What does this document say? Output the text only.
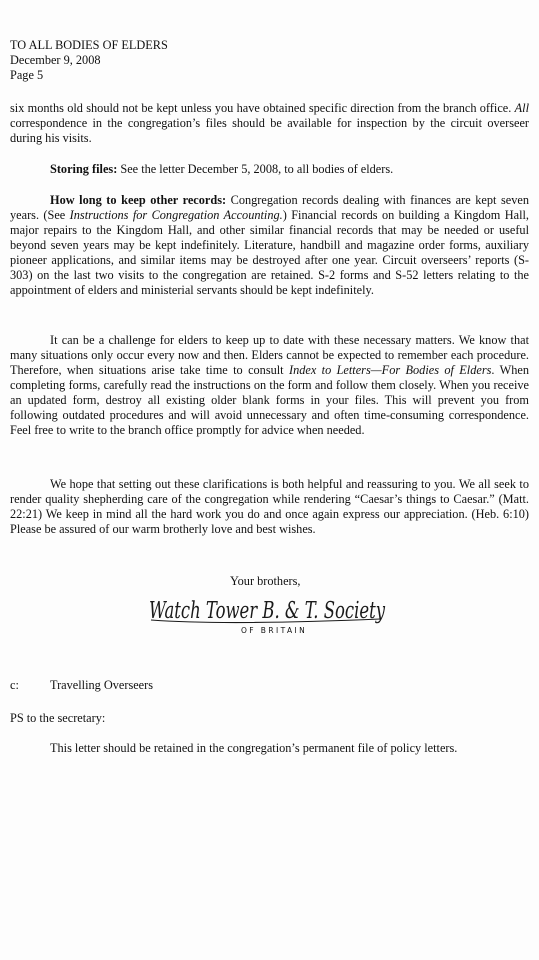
TO ALL BODIES OF ELDERS
December 9, 2008
Page 5

six months old should not be kept unless you have obtained specific direction from the branch office. All correspondence in the congregation’s files should be available for inspection by the circuit overseer during his visits.

Storing files: See the letter December 5, 2008, to all bodies of elders.

How long to keep other records: Congregation records dealing with finances are kept seven years. (See Instructions for Congregation Accounting.) Financial records on building a Kingdom Hall, major repairs to the Kingdom Hall, and other similar financial records that may be needed or useful beyond seven years may be kept indefinitely. Literature, handbill and magazine order forms, auxiliary pioneer applications, and similar items may be destroyed after one year. Circuit overseers’ reports (S-303) on the last two visits to the congregation are retained. S-2 forms and S-52 letters relating to the appointment of elders and ministerial servants should be kept indefinitely.

It can be a challenge for elders to keep up to date with these necessary matters. We know that many situations only occur every now and then. Elders cannot be expected to remember each procedure. Therefore, when situations arise take time to consult Index to Letters—For Bodies of Elders. When completing forms, carefully read the instructions on the form and follow them closely. When you receive an updated form, destroy all existing older blank forms in your files. This will prevent you from following outdated procedures and will avoid unnecessary and often time-consuming correspondence. Feel free to write to the branch office promptly for advice when needed.

We hope that setting out these clarifications is both helpful and reassuring to you. We all seek to render quality shepherding care of the congregation while rendering “Caesar’s things to Caesar.” (Matt. 22:21) We keep in mind all the hard work you do and once again express our appreciation. (Heb. 6:10) Please be assured of our warm brotherly love and best wishes.

Your brothers,
Watch Tower B. & T. Society
OF BRITAIN
c:	Travelling Overseers
PS to the secretary:
This letter should be retained in the congregation’s permanent file of policy letters.
